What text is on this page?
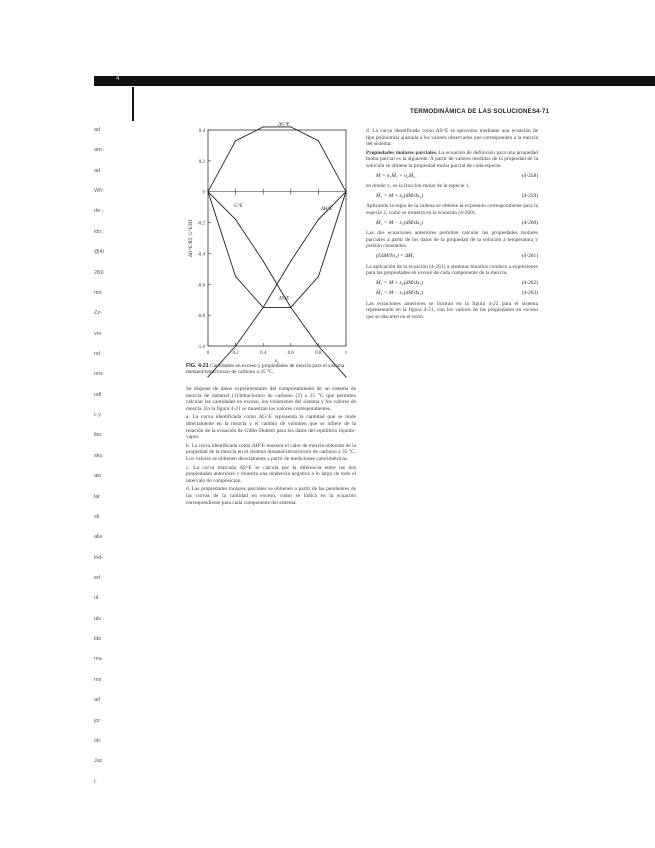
4
TERMODINÁMICA DE LAS SOLUCIONES 4-71
ad
am-
ad
Wh:
de-,
ido:
@4i
28X
mo
Zz-
vei
nd
ons
odl
c y
ibo
sku
aio
lal
sti
alie
ind-
ed
ul
uls
lde
ma
ms
ad
jor
olc
Jac
i:
0.4
0.2
0
-0.2
-0.4
-0.6
-0.8
-1.0
0	0.2	0.4	0.6	0.8	1
x₁
ΔH^E/RT, G^E/RT
ΔG^E
G^E
ΔH^E
ΔS^E
FIG. 4-21 Cantidades en exceso y propiedades de mezcla para el sistema metanol/tetracloruro de carbono a 35 °C.

Se dispone de datos experimentales del comportamiento de un sistema de mezcla de metanol (1)/tetracloruro de carbono (2) a 35 °C que permiten calcular las cantidades en exceso, los volúmenes del sistema y los valores de mezcla. En la figura 4-21 se muestran los valores correspondientes.

a. La curva identificada como ΔG^E representa la cantidad que se mide directamente en la mezcla y el cambio de volumen que se infiere de la relación de la ecuación de Gibbs-Duhem para los datos del equilibrio líquido-vapor.

b. La curva identificada como ΔH^E muestra el calor de mezcla obtenido de la propiedad de la mezcla en el sistema metanol/tetracloruro de carbono a 35 °C. Los valores se obtienen directamente a partir de mediciones calorimétricas.

c. La curva marcada ΔS^E se calcula por la diferencia entre las dos propiedades anteriores y muestra una tendencia negativa a lo largo de todo el intervalo de composición.

d. Las propiedades molares parciales se obtienen a partir de las pendientes de las curvas de la cantidad en exceso, como se indica en la ecuación correspondiente para cada componente del sistema.

d. La curva identificada como ΔS^E se aproxima mediante una ecuación de tipo polinomial ajustada a los valores observados que corresponden a la mezcla del sistema.

Propiedades molares parciales. La ecuación de definición para una propiedad molar parcial es la siguiente. A partir de valores medidos de la propiedad de la solución se obtiene la propiedad molar parcial de cada especie.

M = n₁M̄₁ + n₂M̄₂	(4-258)

en donde x₁ es la fracción molar de la especie 1.

M̄₁ = M + x₂(dM/dx₁)	(4-259)

Aplicando la regla de la cadena se obtiene la expresión correspondiente para la especie 2, como se muestra en la ecuación (4-260).

M̄₂ = M − x₁(dM/dx₁)	(4-260)

Las dos ecuaciones anteriores permiten calcular las propiedades molares parciales a partir de los datos de la propiedad de la solución a temperatura y presión constantes.

(∂ΔM/∂n₁) = ΔM̄₁	(4-261)

La aplicación de la ecuación (4-261) a sistemas binarios conduce a expresiones para las propiedades en exceso de cada componente de la mezcla.

M̄₁ = M + x₂(dM/dx₁)	(4-262)
M̄₂ = M − x₁(dM/dx₁)	(4-263)

Las ecuaciones anteriores se ilustran en la figura 4-22 para el sistema representado en la figura 4-21, con los valores de las propiedades en exceso que se discuten en el texto.
